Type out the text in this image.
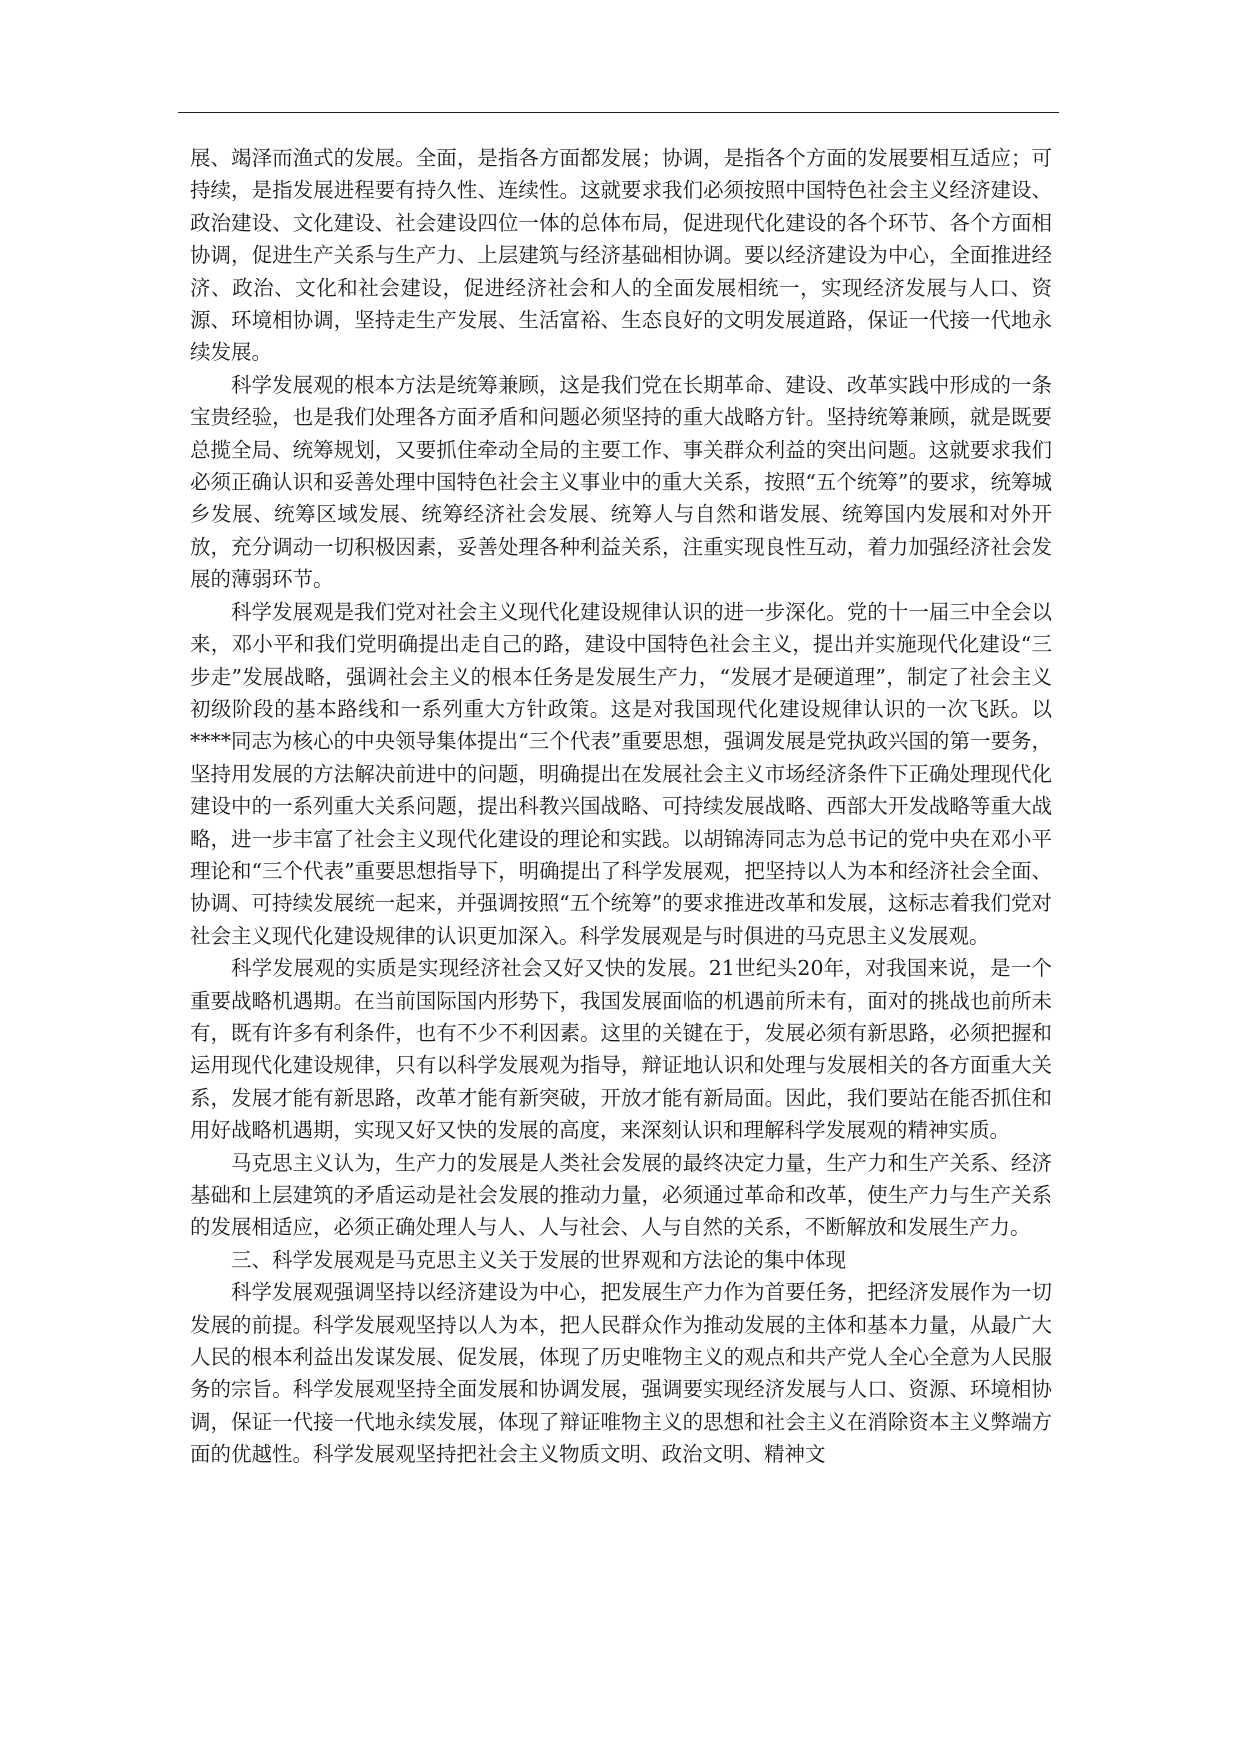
展、竭泽而渔式的发展。全面，是指各方面都发展；协调，是指各个方面的发展要相互适应；可持续，是指发展进程要有持久性、连续性。这就要求我们必须按照中国特色社会主义经济建设、政治建设、文化建设、社会建设四位一体的总体布局，促进现代化建设的各个环节、各个方面相协调，促进生产关系与生产力、上层建筑与经济基础相协调。要以经济建设为中心，全面推进经济、政治、文化和社会建设，促进经济社会和人的全面发展相统一，实现经济发展与人口、资源、环境相协调，坚持走生产发展、生活富裕、生态良好的文明发展道路，保证一代接一代地永续发展。

科学发展观的根本方法是统筹兼顾，这是我们党在长期革命、建设、改革实践中形成的一条宝贵经验，也是我们处理各方面矛盾和问题必须坚持的重大战略方针。坚持统筹兼顾，就是既要总揽全局、统筹规划，又要抓住牵动全局的主要工作、事关群众利益的突出问题。这就要求我们必须正确认识和妥善处理中国特色社会主义事业中的重大关系，按照“五个统筹”的要求，统筹城乡发展、统筹区域发展、统筹经济社会发展、统筹人与自然和谐发展、统筹国内发展和对外开放，充分调动一切积极因素，妥善处理各种利益关系，注重实现良性互动，着力加强经济社会发展的薄弱环节。

科学发展观是我们党对社会主义现代化建设规律认识的进一步深化。党的十一届三中全会以来，邓小平和我们党明确提出走自己的路，建设中国特色社会主义，提出并实施现代化建设“三步走”发展战略，强调社会主义的根本任务是发展生产力，“发展才是硬道理”，制定了社会主义初级阶段的基本路线和一系列重大方针政策。这是对我国现代化建设规律认识的一次飞跃。以****同志为核心的中央领导集体提出“三个代表”重要思想，强调发展是党执政兴国的第一要务，坚持用发展的方法解决前进中的问题，明确提出在发展社会主义市场经济条件下正确处理现代化建设中的一系列重大关系问题，提出科教兴国战略、可持续发展战略、西部大开发战略等重大战略，进一步丰富了社会主义现代化建设的理论和实践。以胡锦涛同志为总书记的党中央在邓小平理论和“三个代表”重要思想指导下，明确提出了科学发展观，把坚持以人为本和经济社会全面、协调、可持续发展统一起来，并强调按照“五个统筹”的要求推进改革和发展，这标志着我们党对社会主义现代化建设规律的认识更加深入。科学发展观是与时俱进的马克思主义发展观。

科学发展观的实质是实现经济社会又好又快的发展。21世纪头20年，对我国来说，是一个重要战略机遇期。在当前国际国内形势下，我国发展面临的机遇前所未有，面对的挑战也前所未有，既有许多有利条件，也有不少不利因素。这里的关键在于，发展必须有新思路，必须把握和运用现代化建设规律，只有以科学发展观为指导，辩证地认识和处理与发展相关的各方面重大关系，发展才能有新思路，改革才能有新突破，开放才能有新局面。因此，我们要站在能否抓住和用好战略机遇期，实现又好又快的发展的高度，来深刻认识和理解科学发展观的精神实质。

马克思主义认为，生产力的发展是人类社会发展的最终决定力量，生产力和生产关系、经济基础和上层建筑的矛盾运动是社会发展的推动力量，必须通过革命和改革，使生产力与生产关系的发展相适应，必须正确处理人与人、人与社会、人与自然的关系，不断解放和发展生产力。

三、科学发展观是马克思主义关于发展的世界观和方法论的集中体现

科学发展观强调坚持以经济建设为中心，把发展生产力作为首要任务，把经济发展作为一切发展的前提。科学发展观坚持以人为本，把人民群众作为推动发展的主体和基本力量，从最广大人民的根本利益出发谋发展、促发展，体现了历史唯物主义的观点和共产党人全心全意为人民服务的宗旨。科学发展观坚持全面发展和协调发展，强调要实现经济发展与人口、资源、环境相协调，保证一代接一代地永续发展，体现了辩证唯物主义的思想和社会主义在消除资本主义弊端方面的优越性。科学发展观坚持把社会主义物质文明、政治文明、精神文
